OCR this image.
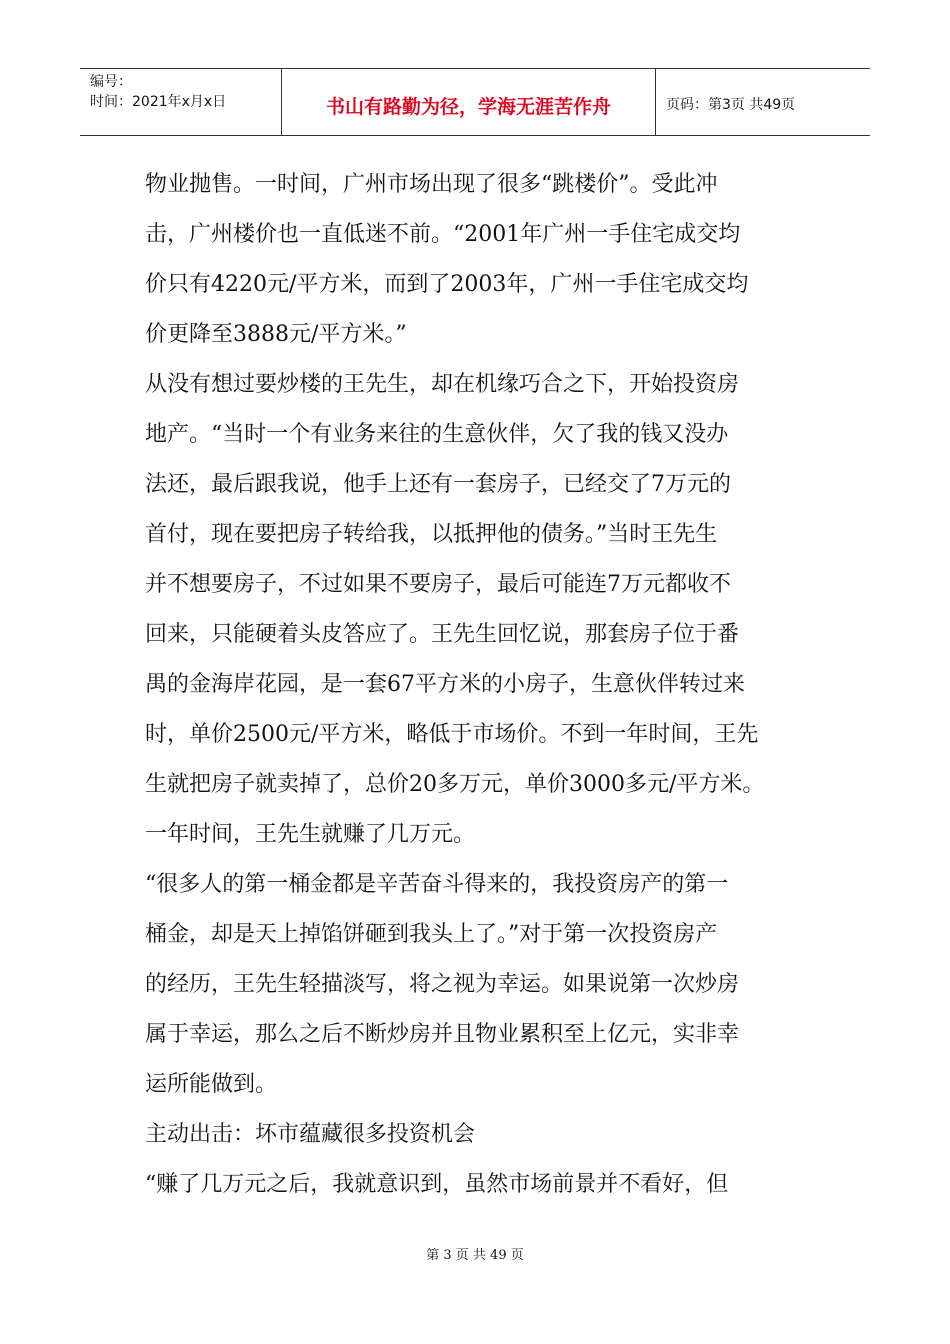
编号：
时间：2021年x月x日	书山有路勤为径，学海无涯苦作舟	页码：第3页 共49页
物业抛售。一时间，广州市场出现了很多“跳楼价”。受此冲
击，广州楼价也一直低迷不前。“2001年广州一手住宅成交均
价只有4220元/平方米，而到了2003年，广州一手住宅成交均
价更降至3888元/平方米。”
从没有想过要炒楼的王先生，却在机缘巧合之下，开始投资房
地产。“当时一个有业务来往的生意伙伴，欠了我的钱又没办
法还，最后跟我说，他手上还有一套房子，已经交了7万元的
首付，现在要把房子转给我，以抵押他的债务。”当时王先生
并不想要房子，不过如果不要房子，最后可能连7万元都收不
回来，只能硬着头皮答应了。王先生回忆说，那套房子位于番
禺的金海岸花园，是一套67平方米的小房子，生意伙伴转过来
时，单价2500元/平方米，略低于市场价。不到一年时间，王先
生就把房子就卖掉了，总价20多万元，单价3000多元/平方米。
一年时间，王先生就赚了几万元。
“很多人的第一桶金都是辛苦奋斗得来的，我投资房产的第一
桶金，却是天上掉馅饼砸到我头上了。”对于第一次投资房产
的经历，王先生轻描淡写，将之视为幸运。如果说第一次炒房
属于幸运，那么之后不断炒房并且物业累积至上亿元，实非幸
运所能做到。
主动出击：坏市蕴藏很多投资机会
“赚了几万元之后，我就意识到，虽然市场前景并不看好，但
第 3 页 共 49 页
